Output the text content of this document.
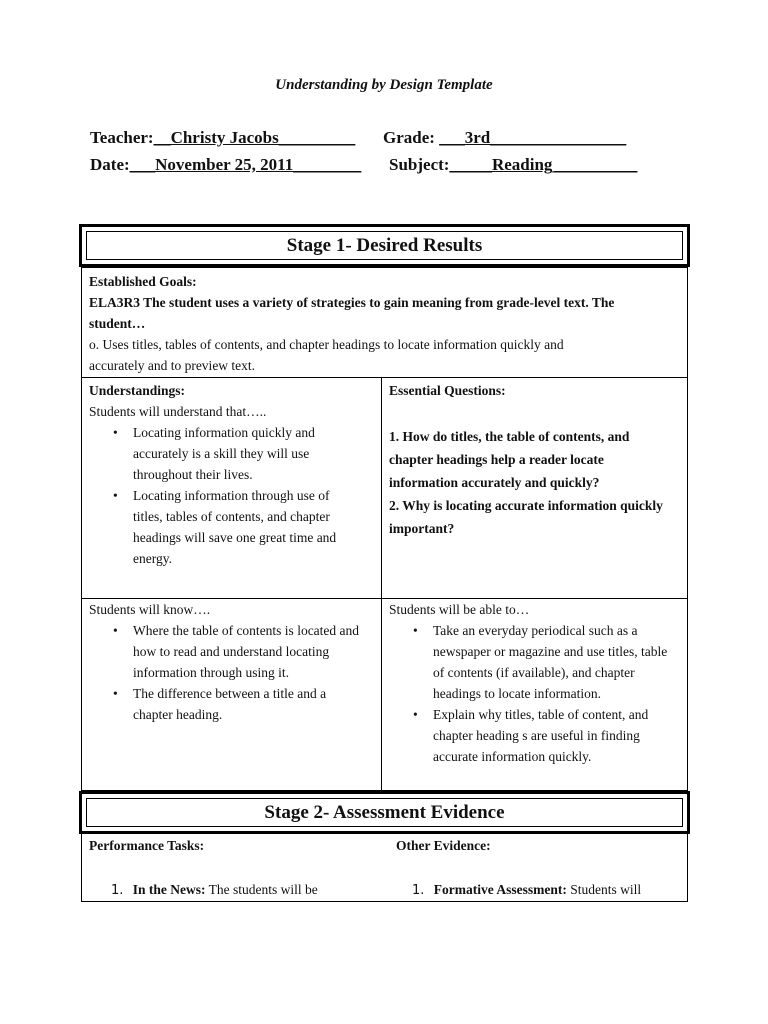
Understanding by Design Template
Teacher:__Christy Jacobs_________ Grade: ___3rd________________
Date:___November 25, 2011________ Subject:_____Reading__________
Stage 1- Desired Results
Established Goals:
ELA3R3 The student uses a variety of strategies to gain meaning from grade-level text. The
student…
o. Uses titles, tables of contents, and chapter headings to locate information quickly and accurately and to preview text.
Understandings:
Students will understand that…..
• Locating information quickly and accurately is a skill they will use throughout their lives.
• Locating information through use of titles, tables of contents, and chapter headings will save one great time and energy.
Essential Questions:
1. How do titles, the table of contents, and chapter headings help a reader locate information accurately and quickly?
2. Why is locating accurate information quickly important?
Students will know….
• Where the table of contents is located and how to read and understand locating information through using it.
• The difference between a title and a chapter heading.
Students will be able to…
• Take an everyday periodical such as a newspaper or magazine and use titles, table of contents (if available), and chapter headings to locate information.
• Explain why titles, table of content, and chapter heading s are useful in finding accurate information quickly.
Stage 2- Assessment Evidence
Performance Tasks:	Other Evidence:
1. In the News: The students will be	1. Formative Assessment: Students will
